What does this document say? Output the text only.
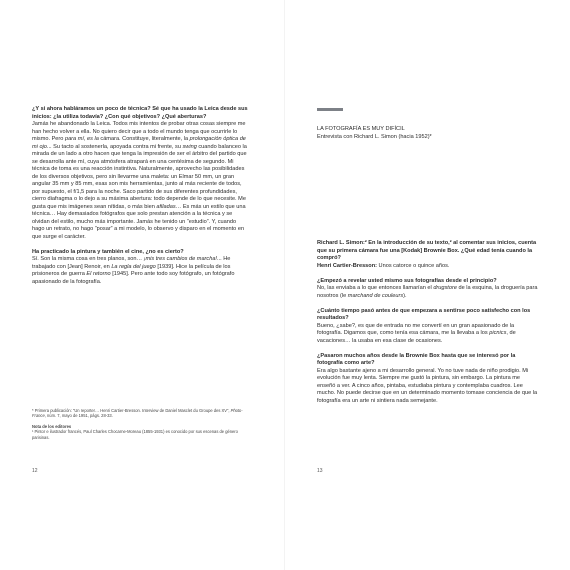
¿Y si ahora habláramos un poco de técnica? Sé que ha usado la Leica desde sus inicios: ¿la utiliza todavía? ¿Con qué objetivos? ¿Qué aberturas?

Jamás he abandonado la Leica. Todos mis intentos de probar otras cosas siempre me han hecho volver a ella. No quiero decir que a todo el mundo tenga que ocurrirle lo mismo. Pero para mí, es la cámara. Constituye, literalmente, la prolongación óptica de mi ojo... Su tacto al sostenerla, apoyada contra mi frente, su swing cuando balanceo la mirada de un lado a otro hacen que tenga la impresión de ser el árbitro del partido que se desarrolla ante mí, cuya atmósfera atrapará en una centésima de segundo. Mi técnica de toma es una reacción instintiva. Naturalmente, aprovecho las posibilidades de los diversos objetivos, pero sin llevarme una maleta: un Elmar 50 mm, un gran angular 35 mm y 85 mm, esas son mis herramientas, junto al más reciente de todos, por supuesto, el f/1,5 para la noche. Saco partido de sus diferentes profundidades, cierro diafragma o lo dejo a su máxima abertura: todo depende de lo que necesite. Me gusta que mis imágenes sean nítidas, o más bien afiladas… Es más un estilo que una técnica… Hay demasiados fotógrafos que solo prestan atención a la técnica y se olvidan del estilo, mucho más importante. Jamás he tenido un “estudio”. Y, cuando hago un retrato, no hago “posar” a mi modelo, lo observo y disparo en el momento en que surge el carácter.

Ha practicado la pintura y también el cine, ¿no es cierto?

Sí. Son la misma cosa en tres planos, son… ¡mis tres cambios de marcha!... He trabajado con [Jean] Renoir, en La regla del juego [1939]. Hice la película de los prisioneros de guerra El retorno [1945]. Pero ante todo soy fotógrafo, un fotógrafo apasionado de la fotografía.

* Primera publicación: “Un reporter… Henri Cartier-Bresson. Interview de Daniel Masclet du Groupe des XV”, Photo-France, núm. 7, mayo de 1951, págs. 28-33.

Nota de los editores

¹ Pintor e ilustrador francés, Paul Charles Chocarne-Moreau (1855-1931) es conocido por sus escenas de género parisinas.

12

LA FOTOGRAFÍA ES MUY DIFÍCIL

Entrevista con Richard L. Simon (hacia 1952)*

Richard L. Simon:² En la introducción de su texto,² al comentar sus inicios, cuenta que su primera cámara fue una [Kodak] Brownie Box. ¿Qué edad tenía cuando la compró?

Henri Cartier-Bresson: Unos catorce o quince años.

¿Empezó a revelar usted mismo sus fotografías desde el principio?

No, las enviaba a lo que entonces llamarían el drugstore de la esquina, la droguería para nosotros (le marchand de couleurs).

¿Cuánto tiempo pasó antes de que empezara a sentirse poco satisfecho con los resultados?

Bueno, ¿sabe?, es que de entrada no me convertí en un gran apasionado de la fotografía. Digamos que, como tenía esa cámara, me la llevaba a los picnics, de vacaciones… la usaba en esa clase de ocasiones.

¿Pasaron muchos años desde la Brownie Box hasta que se interesó por la fotografía como arte?

Era algo bastante ajeno a mi desarrollo general. Yo no tuve nada de niño prodigio. Mi evolución fue muy lenta. Siempre me gustó la pintura, sin embargo. La pintura me enseñó a ver. A cinco años, pintaba, estudiaba pintura y contemplaba cuadros. Lee mucho. No puede decirse que en un determinado momento tomase conciencia de que la fotografía era un arte ni sintiera nada semejante.

13
